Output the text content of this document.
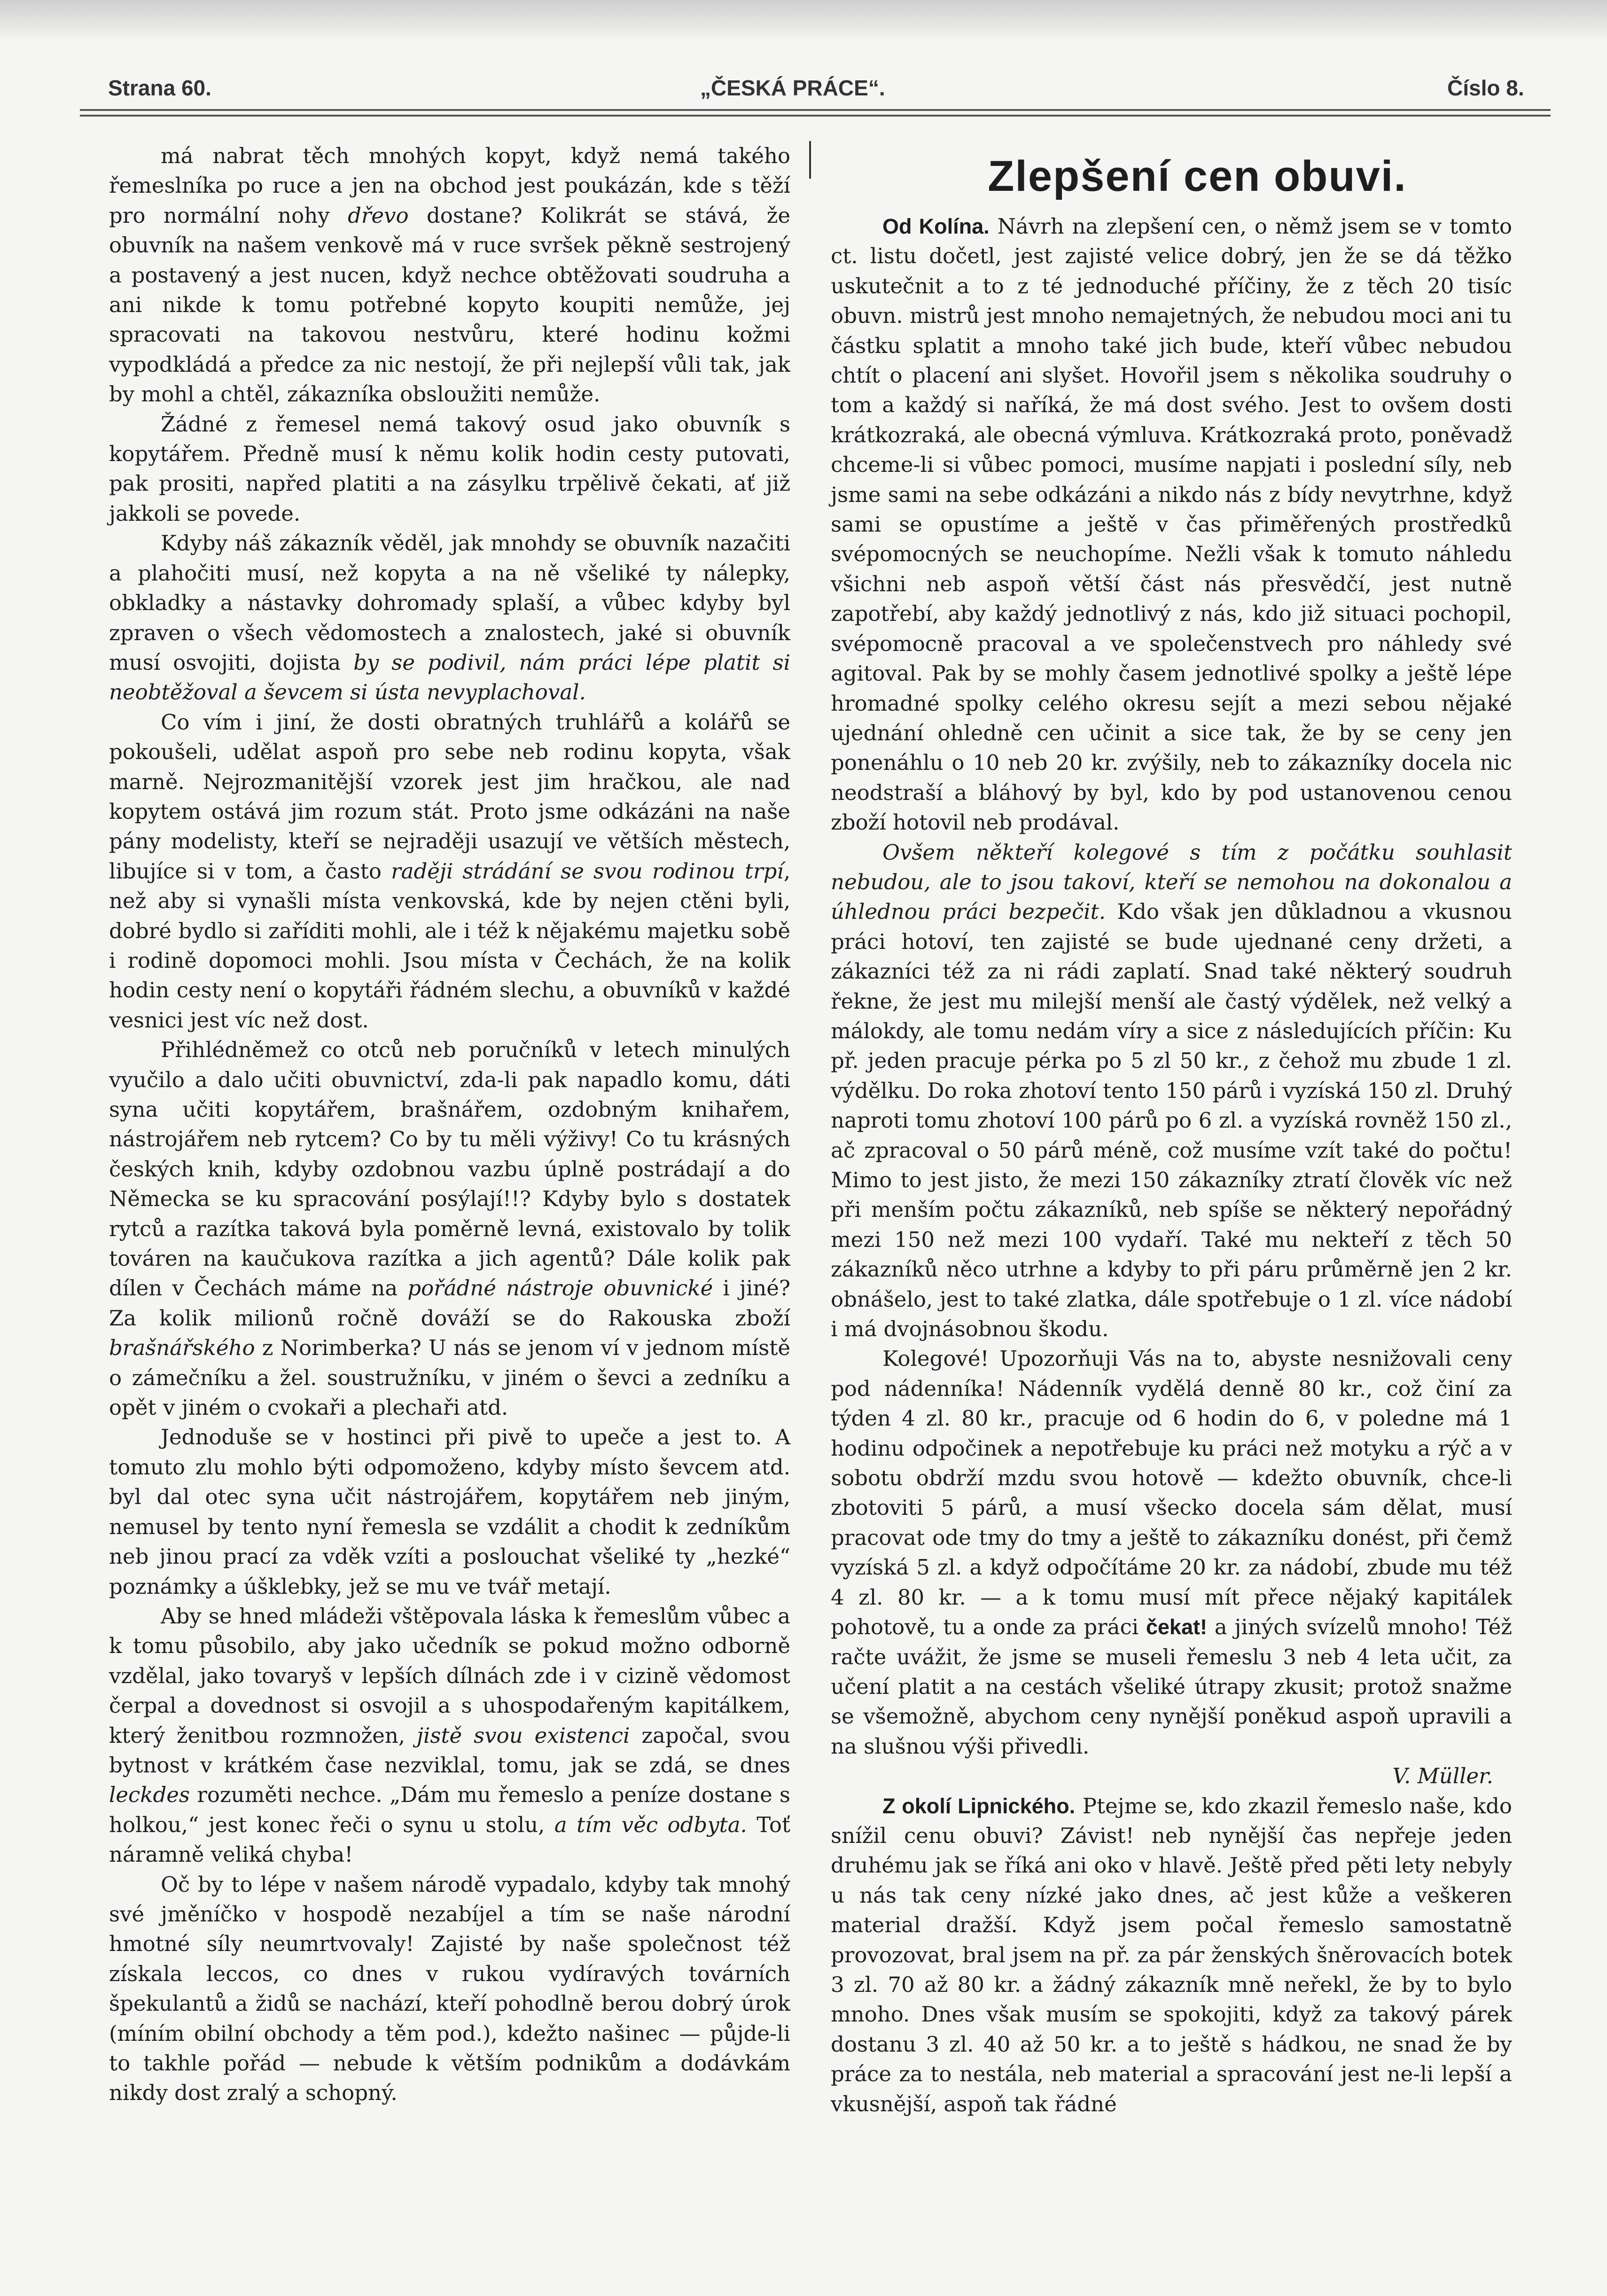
Strana 60.	„ČESKÁ PRÁCE“.	Číslo 8.

má nabrat těch mnohých kopyt, když nemá takého řemeslníka po ruce a jen na obchod jest poukázán, kde s těží pro normální nohy dřevo dostane? Kolikrát se stává, že obuvník na našem venkově má v ruce svršek pěkně sestrojený a postavený a jest nucen, když nechce obtěžovati soudruha a ani nikde k tomu potřebné kopyto koupiti nemůže, jej spracovati na takovou nestvůru, které hodinu kožmi vypodkládá a předce za nic nestojí, že při nejlepší vůli tak, jak by mohl a chtěl, zákazníka obsloužiti nemůže.

Žádné z řemesel nemá takový osud jako obuvník s kopytářem. Předně musí k němu kolik hodin cesty putovati, pak prositi, napřed platiti a na zásylku trpělivě čekati, ať již jakkoli se povede.

Kdyby náš zákazník věděl, jak mnohdy se obuvník nazačiti a plahočiti musí, než kopyta a na ně všeliké ty nálepky, obkladky a nástavky dohromady splaší, a vůbec kdyby byl zpraven o všech vědomostech a znalostech, jaké si obuvník musí osvojiti, dojista by se podivil, nám práci lépe platit si neobtěžoval a ševcem si ústa nevyplachoval.

Co vím i jiní, že dosti obratných truhlářů a kolářů se pokoušeli, udělat aspoň pro sebe neb rodinu kopyta, však marně. Nejrozmanitější vzorek jest jim hračkou, ale nad kopytem ostává jim rozum stát. Proto jsme odkázáni na naše pány modelisty, kteří se nejraději usazují ve větších městech, libujíce si v tom, a často raději strádání se svou rodinou trpí, než aby si vynašli místa venkovská, kde by nejen ctěni byli, dobré bydlo si zaříditi mohli, ale i též k nějakému majetku sobě i rodině dopomoci mohli. Jsou místa v Čechách, že na kolik hodin cesty není o kopytáři řádném slechu, a obuvníků v každé vesnici jest víc než dost.

Přihlédněmež co otců neb poručníků v letech minulých vyučilo a dalo učiti obuvnictví, zda-li pak napadlo komu, dáti syna učiti kopytářem, brašnářem, ozdobným knihařem, nástrojářem neb rytcem? Co by tu měli výživy! Co tu krásných českých knih, kdyby ozdobnou vazbu úplně postrádají a do Německa se ku spracování posýlají!!? Kdyby bylo s dostatek rytců a razítka taková byla poměrně levná, existovalo by tolik továren na kaučukova razítka a jich agentů? Dále kolik pak dílen v Čechách máme na pořádné nástroje obuvnické i jiné? Za kolik milionů ročně dováží se do Rakouska zboží brašnářského z Norimberka? U nás se jenom ví v jednom místě o zámečníku a žel. soustružníku, v jiném o ševci a zedníku a opět v jiném o cvokaři a plechaři atd.

Jednoduše se v hostinci při pivě to upeče a jest to. A tomuto zlu mohlo býti odpomoženo, kdyby místo ševcem atd. byl dal otec syna učit nástrojářem, kopytářem neb jiným, nemusel by tento nyní řemesla se vzdálit a chodit k zedníkům neb jinou prací za vděk vzíti a poslouchat všeliké ty „hezké“ poznámky a úšklebky, jež se mu ve tvář metají.

Aby se hned mládeži vštěpovala láska k řemeslům vůbec a k tomu působilo, aby jako učedník se pokud možno odborně vzdělal, jako tovaryš v lepších dílnách zde i v cizině vědomost čerpal a dovednost si osvojil a s uhospodařeným kapitálkem, který ženitbou rozmnožen, jistě svou existenci započal, svou bytnost v krátkém čase nezviklal, tomu, jak se zdá, se dnes leckdes rozuměti nechce. „Dám mu řemeslo a peníze dostane s holkou,“ jest konec řeči o synu u stolu, a tím věc odbyta. Toť náramně veliká chyba!

Oč by to lépe v našem národě vypadalo, kdyby tak mnohý své jměníčko v hospodě nezabíjel a tím se naše národní hmotné síly neumrtvovaly! Zajisté by naše společnost též získala leccos, co dnes v rukou vydíravých továrních špekulantů a židů se nachází, kteří pohodlně berou dobrý úrok (míním obilní obchody a těm pod.), kdežto našinec — půjde-li to takhle pořád — nebude k větším podnikům a dodávkám nikdy dost zralý a schopný.

Zlepšení cen obuvi.

Od Kolína. Návrh na zlepšení cen, o němž jsem se v tomto ct. listu dočetl, jest zajisté velice dobrý, jen že se dá těžko uskutečnit a to z té jednoduché příčiny, že z těch 20 tisíc obuvn. mistrů jest mnoho nemajetných, že nebudou moci ani tu částku splatit a mnoho také jich bude, kteří vůbec nebudou chtít o placení ani slyšet. Hovořil jsem s několika soudruhy o tom a každý si naříká, že má dost svého. Jest to ovšem dosti krátkozraká, ale obecná výmluva. Krátkozraká proto, poněvadž chceme-li si vůbec pomoci, musíme napjati i poslední síly, neb jsme sami na sebe odkázáni a nikdo nás z bídy nevytrhne, když sami se opustíme a ještě v čas přiměřených prostředků svépomocných se neuchopíme. Nežli však k tomuto náhledu všichni neb aspoň větší část nás přesvědčí, jest nutně zapotřebí, aby každý jednotlivý z nás, kdo již situaci pochopil, svépomocně pracoval a ve společenstvech pro náhledy své agitoval. Pak by se mohly časem jednotlivé spolky a ještě lépe hromadné spolky celého okresu sejít a mezi sebou nějaké ujednání ohledně cen učinit a sice tak, že by se ceny jen ponenáhlu o 10 neb 20 kr. zvýšily, neb to zákazníky docela nic neodstraší a bláhový by byl, kdo by pod ustanovenou cenou zboží hotovil neb prodával.

Ovšem někteří kolegové s tím z počátku souhlasit nebudou, ale to jsou takoví, kteří se nemohou na dokonalou a úhlednou práci bezpečit. Kdo však jen důkladnou a vkusnou práci hotoví, ten zajisté se bude ujednané ceny držeti, a zákazníci též za ni rádi zaplatí. Snad také některý soudruh řekne, že jest mu milejší menší ale častý výdělek, než velký a málokdy, ale tomu nedám víry a sice z následujících příčin: Ku př. jeden pracuje pérka po 5 zl 50 kr., z čehož mu zbude 1 zl. výdělku. Do roka zhotoví tento 150 párů i vyzíská 150 zl. Druhý naproti tomu zhotoví 100 párů po 6 zl. a vyzíská rovněž 150 zl., ač zpracoval o 50 párů méně, což musíme vzít také do počtu! Mimo to jest jisto, že mezi 150 zákazníky ztratí člověk víc než při menším počtu zákazníků, neb spíše se některý nepořádný mezi 150 než mezi 100 vydaří. Také mu nekteří z těch 50 zákazníků něco utrhne a kdyby to při páru průměrně jen 2 kr. obnášelo, jest to také zlatka, dále spotřebuje o 1 zl. více nádobí i má dvojnásobnou škodu.

Kolegové! Upozorňuji Vás na to, abyste nesnižovali ceny pod nádenníka! Nádenník vydělá denně 80 kr., což činí za týden 4 zl. 80 kr., pracuje od 6 hodin do 6, v poledne má 1 hodinu odpočinek a nepotřebuje ku práci než motyku a rýč a v sobotu obdrží mzdu svou hotově — kdežto obuvník, chce-li zbotoviti 5 párů, a musí všecko docela sám dělat, musí pracovat ode tmy do tmy a ještě to zákazníku donést, při čemž vyzíská 5 zl. a když odpočítáme 20 kr. za nádobí, zbude mu též 4 zl. 80 kr. — a k tomu musí mít přece nějaký kapitálek pohotově, tu a onde za práci čekat! a jiných svízelů mnoho! Též račte uvážit, že jsme se museli řemeslu 3 neb 4 leta učit, za učení platit a na cestách všeliké útrapy zkusit; protož snažme se všemožně, abychom ceny nynější poněkud aspoň upravili a na slušnou výši přivedli.

V. Müller.

Z okolí Lipnického. Ptejme se, kdo zkazil řemeslo naše, kdo snížil cenu obuvi? Závist! neb nynější čas nepřeje jeden druhému jak se říká ani oko v hlavě. Ještě před pěti lety nebyly u nás tak ceny nízké jako dnes, ač jest kůže a veškeren material dražší. Když jsem počal řemeslo samostatně provozovat, bral jsem na př. za pár ženských šněrovacích botek 3 zl. 70 až 80 kr. a žádný zákazník mně neřekl, že by to bylo mnoho. Dnes však musím se spokojiti, když za takový párek dostanu 3 zl. 40 až 50 kr. a to ještě s hádkou, ne snad že by práce za to nestála, neb material a spracování jest ne-li lepší a vkusnější, aspoň tak řádné
